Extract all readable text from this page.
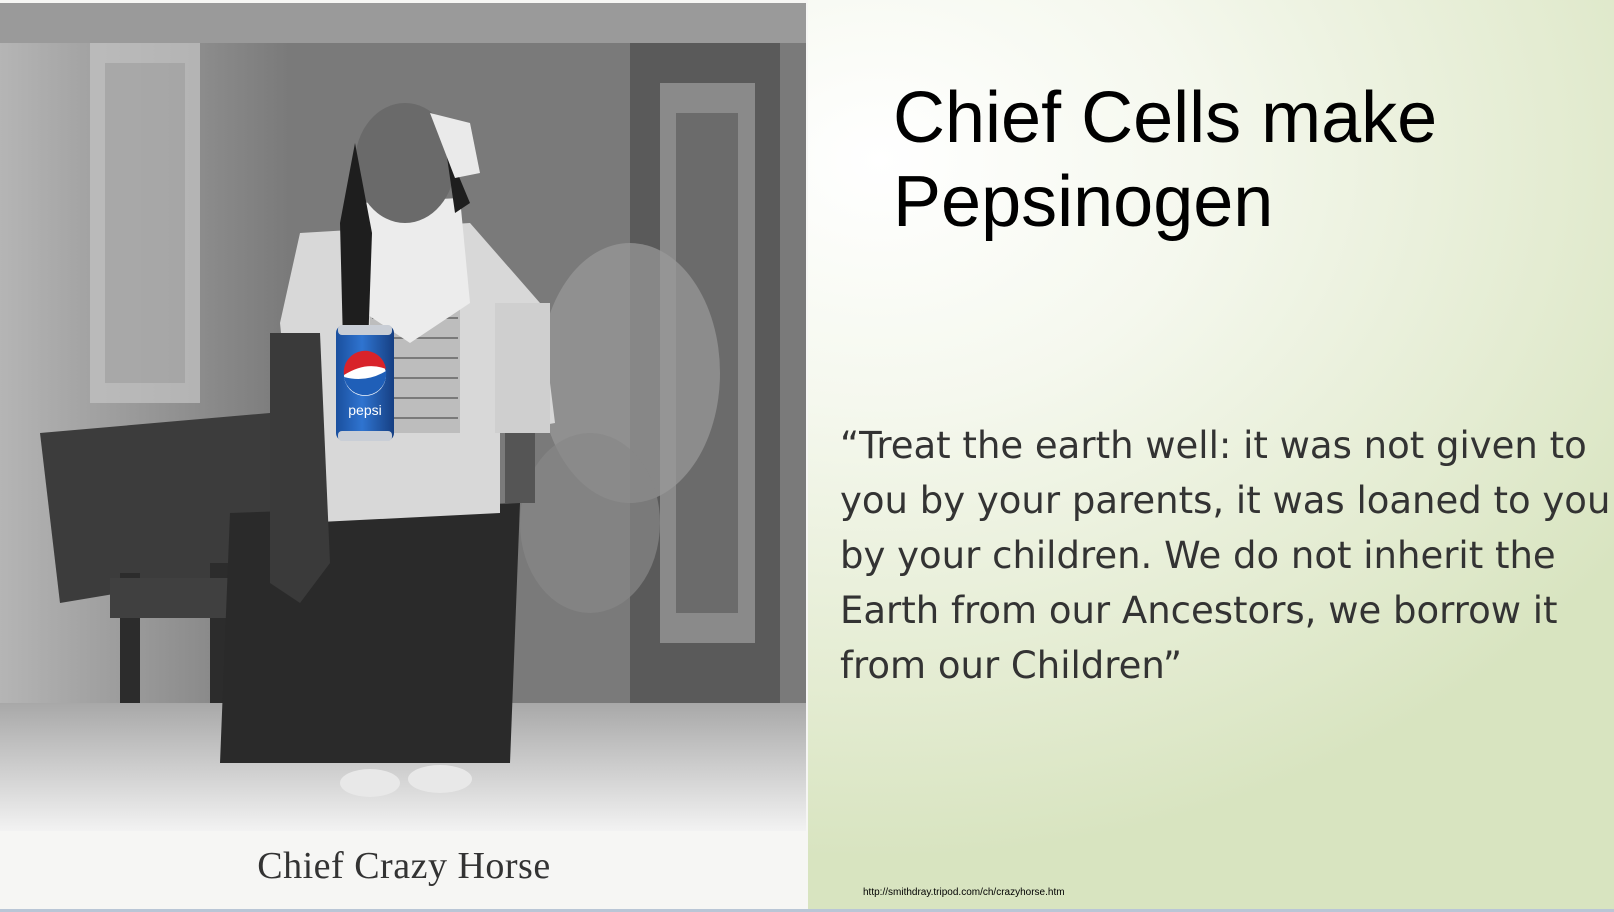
pepsi
Chief Crazy Horse
Chief Cells make
Pepsinogen

“Treat the earth well: it was not given to
you by your parents, it was loaned to you
by your children. We do not inherit the
Earth from our Ancestors, we borrow it
from our Children”

http://smithdray.tripod.com/ch/crazyhorse.htm
